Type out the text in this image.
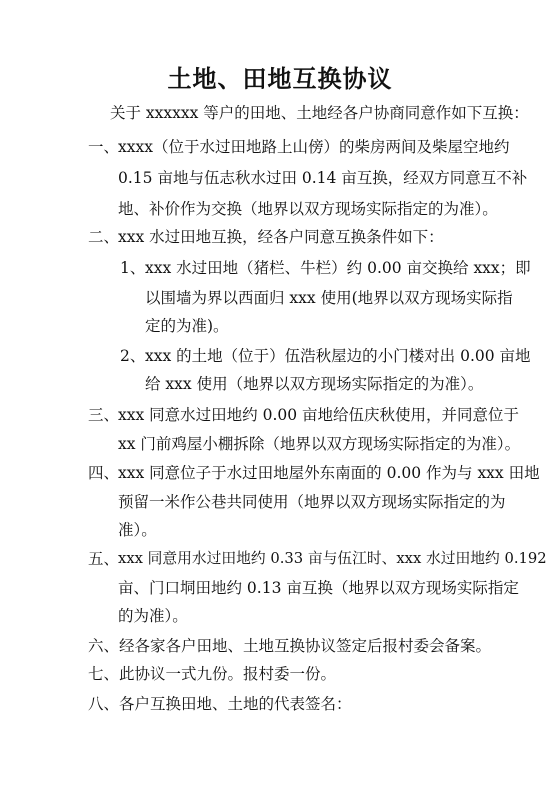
土地、田地互换协议
关于 xxxxxx 等户的田地、土地经各户协商同意作如下互换：
一、
xxxx（位于水过田地路上山傍）的柴房两间及柴屋空地约
0.15 亩地与伍志秋水过田 0.14 亩互换，经双方同意互不补
地、补价作为交换（地界以双方现场实际指定的为准）。
二、
xxx 水过田地互换，经各户同意互换条件如下：
1、 xxx 水过田地（猪栏、牛栏）约 0.00 亩交换给 xxx；即
以围墙为界以西面归 xxx 使用(地界以双方现场实际指
定的为准)。
2、 xxx 的土地（位于）伍浩秋屋边的小门楼对出 0.00 亩地
给 xxx 使用（地界以双方现场实际指定的为准）。
三、
xxx 同意水过田地约 0.00 亩地给伍庆秋使用，并同意位于
xx 门前鸡屋小棚拆除（地界以双方现场实际指定的为准）。
四、
xxx 同意位子于水过田地屋外东南面的 0.00 作为与 xxx 田地
预留一米作公巷共同使用（地界以双方现场实际指定的为
准）。
五、
xxx 同意用水过田地约 0.33 亩与伍江时、xxx 水过田地约 0.192
亩、门口垌田地约 0.13 亩互换（地界以双方现场实际指定
的为准）。
六、经各家各户田地、土地互换协议签定后报村委会备案。
七、此协议一式九份。报村委一份。
八、各户互换田地、土地的代表签名：
